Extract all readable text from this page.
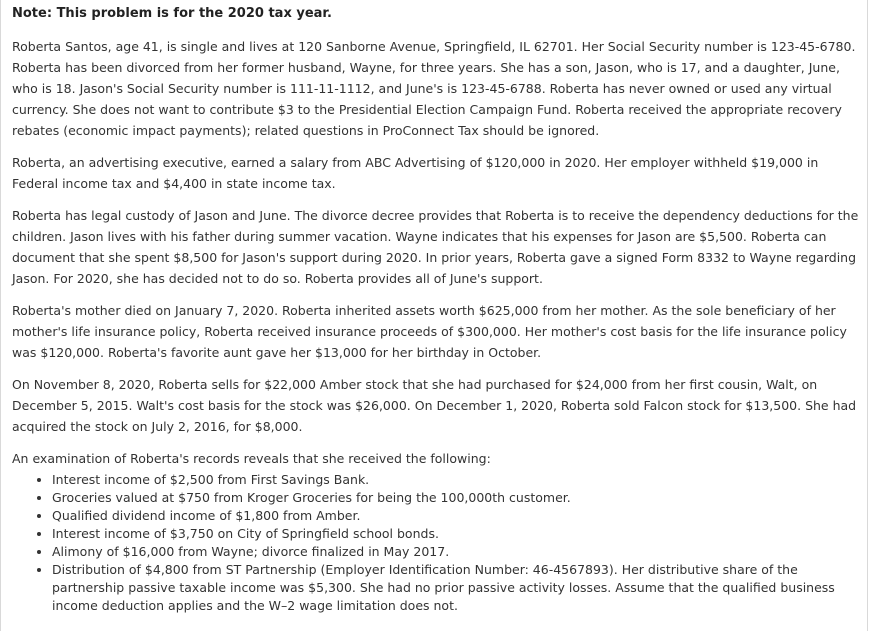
Note: This problem is for the 2020 tax year.

Roberta Santos, age 41, is single and lives at 120 Sanborne Avenue, Springfield, IL 62701. Her Social Security number is 123-45-6780. Roberta has been divorced from her former husband, Wayne, for three years. She has a son, Jason, who is 17, and a daughter, June, who is 18. Jason's Social Security number is 111-11-1112, and June's is 123-45-6788. Roberta has never owned or used any virtual currency. She does not want to contribute $3 to the Presidential Election Campaign Fund. Roberta received the appropriate recovery rebates (economic impact payments); related questions in ProConnect Tax should be ignored.

Roberta, an advertising executive, earned a salary from ABC Advertising of $120,000 in 2020. Her employer withheld $19,000 in Federal income tax and $4,400 in state income tax.

Roberta has legal custody of Jason and June. The divorce decree provides that Roberta is to receive the dependency deductions for the children. Jason lives with his father during summer vacation. Wayne indicates that his expenses for Jason are $5,500. Roberta can document that she spent $8,500 for Jason's support during 2020. In prior years, Roberta gave a signed Form 8332 to Wayne regarding Jason. For 2020, she has decided not to do so. Roberta provides all of June's support.

Roberta's mother died on January 7, 2020. Roberta inherited assets worth $625,000 from her mother. As the sole beneficiary of her mother's life insurance policy, Roberta received insurance proceeds of $300,000. Her mother's cost basis for the life insurance policy was $120,000. Roberta's favorite aunt gave her $13,000 for her birthday in October.

On November 8, 2020, Roberta sells for $22,000 Amber stock that she had purchased for $24,000 from her first cousin, Walt, on December 5, 2015. Walt's cost basis for the stock was $26,000. On December 1, 2020, Roberta sold Falcon stock for $13,500. She had acquired the stock on July 2, 2016, for $8,000.

An examination of Roberta's records reveals that she received the following:

• Interest income of $2,500 from First Savings Bank.
• Groceries valued at $750 from Kroger Groceries for being the 100,000th customer.
• Qualified dividend income of $1,800 from Amber.
• Interest income of $3,750 on City of Springfield school bonds.
• Alimony of $16,000 from Wayne; divorce finalized in May 2017.
• Distribution of $4,800 from ST Partnership (Employer Identification Number: 46-4567893). Her distributive share of the partnership passive taxable income was $5,300. She had no prior passive activity losses. Assume that the qualified business income deduction applies and the W–2 wage limitation does not.
